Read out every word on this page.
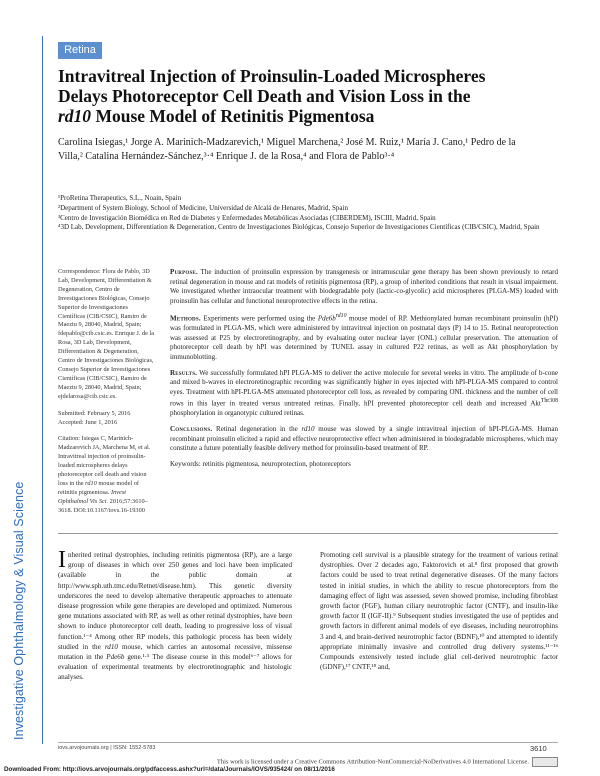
Investigative Ophthalmology & Visual Science
Retina
Intravitreal Injection of Proinsulin-Loaded Microspheres
Delays Photoreceptor Cell Death and Vision Loss in the
rd10 Mouse Model of Retinitis Pigmentosa
Carolina Isiegas,¹ Jorge A. Marinich-Madzarevich,¹ Miguel Marchena,² José M. Ruiz,¹ María J. Cano,¹ Pedro de la Villa,² Catalina Hernández-Sánchez,³·⁴ Enrique J. de la Rosa,⁴ and Flora de Pablo³·⁴

¹ProRetina Therapeutics, S.L., Noain, Spain

²Department of System Biology, School of Medicine, Universidad de Alcalá de Henares, Madrid, Spain

³Centro de Investigación Biomédica en Red de Diabetes y Enfermedades Metabólicas Asociadas (CIBERDEM), ISCIII, Madrid, Spain

⁴3D Lab, Development, Differentiation & Degeneration, Centro de Investigaciones Biológicas, Consejo Superior de Investigaciones Científicas (CIB/CSIC), Madrid, Spain

Correspondence: Flora de Pablo, 3D Lab, Development, Differentiation & Degeneration, Centro de Investigaciones Biológicas, Consejo Superior de Investigaciones Científicas (CIB/CSIC), Ramiro de Maeztu 9, 28040, Madrid, Spain; fdepablo@cib.csic.es. Enrique J. de la Rosa, 3D Lab, Development, Differentiation & Degeneration, Centro de Investigaciones Biológicas, Consejo Superior de Investigaciones Científicas (CIB/CSIC), Ramiro de Maeztu 9, 28040, Madrid, Spain; ejdelarosa@cib.csic.es.

Submitted: February 5, 2016
Accepted: June 1, 2016

Citation: Isiegas C, Marinich-Madzarevich JA, Marchena M, et al. Intravitreal injection of proinsulin-loaded microspheres delays photoreceptor cell death and vision loss in the rd10 mouse model of retinitis pigmentosa. Invest Ophthalmol Vis Sci. 2016;57:3610–3618. DOI:10.1167/iovs.16-19300

Purpose. The induction of proinsulin expression by transgenesis or intramuscular gene therapy has been shown previously to retard retinal degeneration in mouse and rat models of retinitis pigmentosa (RP), a group of inherited conditions that result in visual impairment. We investigated whether intraocular treatment with biodegradable poly (lactic-co-glycolic) acid microspheres (PLGA-MS) loaded with proinsulin has cellular and functional neuroprotective effects in the retina.

Methods. Experiments were performed using the $Pde6b^{rd10}$ mouse model of RP. Methionylated human recombinant proinsulin (hPI) was formulated in PLGA-MS, which were administered by intravitreal injection on postnatal days (P) 14 to 15. Retinal neuroprotection was assessed at P25 by electroretinography, and by evaluating outer nuclear layer (ONL) cellular preservation. The attenuation of photoreceptor cell death by hPI was determined by TUNEL assay in cultured P22 retinas, as well as Akt phosphorylation by immunoblotting.

Results. We successfully formulated hPI PLGA-MS to deliver the active molecule for several weeks in vitro. The amplitude of b-cone and mixed b-waves in electroretinographic recording was significantly higher in eyes injected with hPI-PLGA-MS compared to control eyes. Treatment with hPI-PLGA-MS attenuated photoreceptor cell loss, as revealed by comparing ONL thickness and the number of cell rows in this layer in treated versus untreated retinas. Finally, hPI prevented photoreceptor cell death and increased Akt$^{Thr308}$ phosphorylation in organotypic cultured retinas.

Conclusions. Retinal degeneration in the rd10 mouse was slowed by a single intravitreal injection of hPI-PLGA-MS. Human recombinant proinsulin elicited a rapid and effective neuroprotective effect when administered in biodegradable microspheres, which may constitute a future potentially feasible delivery method for proinsulin-based treatment of RP.

Keywords: retinitis pigmentosa, neuroprotection, photoreceptors

Inherited retinal dystrophies, including retinitis pigmentosa (RP), are a large group of diseases in which over 250 genes and loci have been implicated (available in the public domain at http://www.sph.uth.tmc.edu/Retnet/disease.htm). This genetic diversity underscores the need to develop alternative therapeutic approaches to attenuate disease progression while gene therapies are developed and optimized. Numerous gene mutations associated with RP, as well as other retinal dystrophies, have been shown to induce photoreceptor cell death, leading to progressive loss of visual function.¹⁻⁴ Among other RP models, this pathologic process has been widely studied in the rd10 mouse, which carries an autosomal recessive, missense mutation in the Pde6b gene.¹·⁵ The disease course in this model⁶⁻⁷ allows for evaluation of experimental treatments by electroretinographic and histologic analyses.
Promoting cell survival is a plausible strategy for the treatment of various retinal dystrophies. Over 2 decades ago, Faktorovich et al.⁸ first proposed that growth factors could be used to treat retinal degenerative diseases. Of the many factors tested in initial studies, in which the ability to rescue photoreceptors from the damaging effect of light was assessed, seven showed promise, including fibroblast growth factor (FGF), human ciliary neurotrophic factor (CNTF), and insulin-like growth factor II (IGF-II).⁹ Subsequent studies investigated the use of peptides and growth factors in different animal models of eye diseases, including neurotrophins 3 and 4, and brain-derived neurotrophic factor (BDNF),¹⁰ and attempted to identify appropriate minimally invasive and controlled drug delivery systems.¹¹⁻¹⁶ Compounds extensively tested include glial cell-derived neurotrophic factor (GDNF),¹⁷ CNTF,¹⁸ and,
iovs.arvojournals.org | ISSN: 1552-5783	3610
This work is licensed under a Creative Commons Attribution-NonCommercial-NoDerivatives 4.0 International License.
Downloaded From: http://iovs.arvojournals.org/pdfaccess.ashx?url=/data/Journals/IOVS/935424/ on 08/11/2016
